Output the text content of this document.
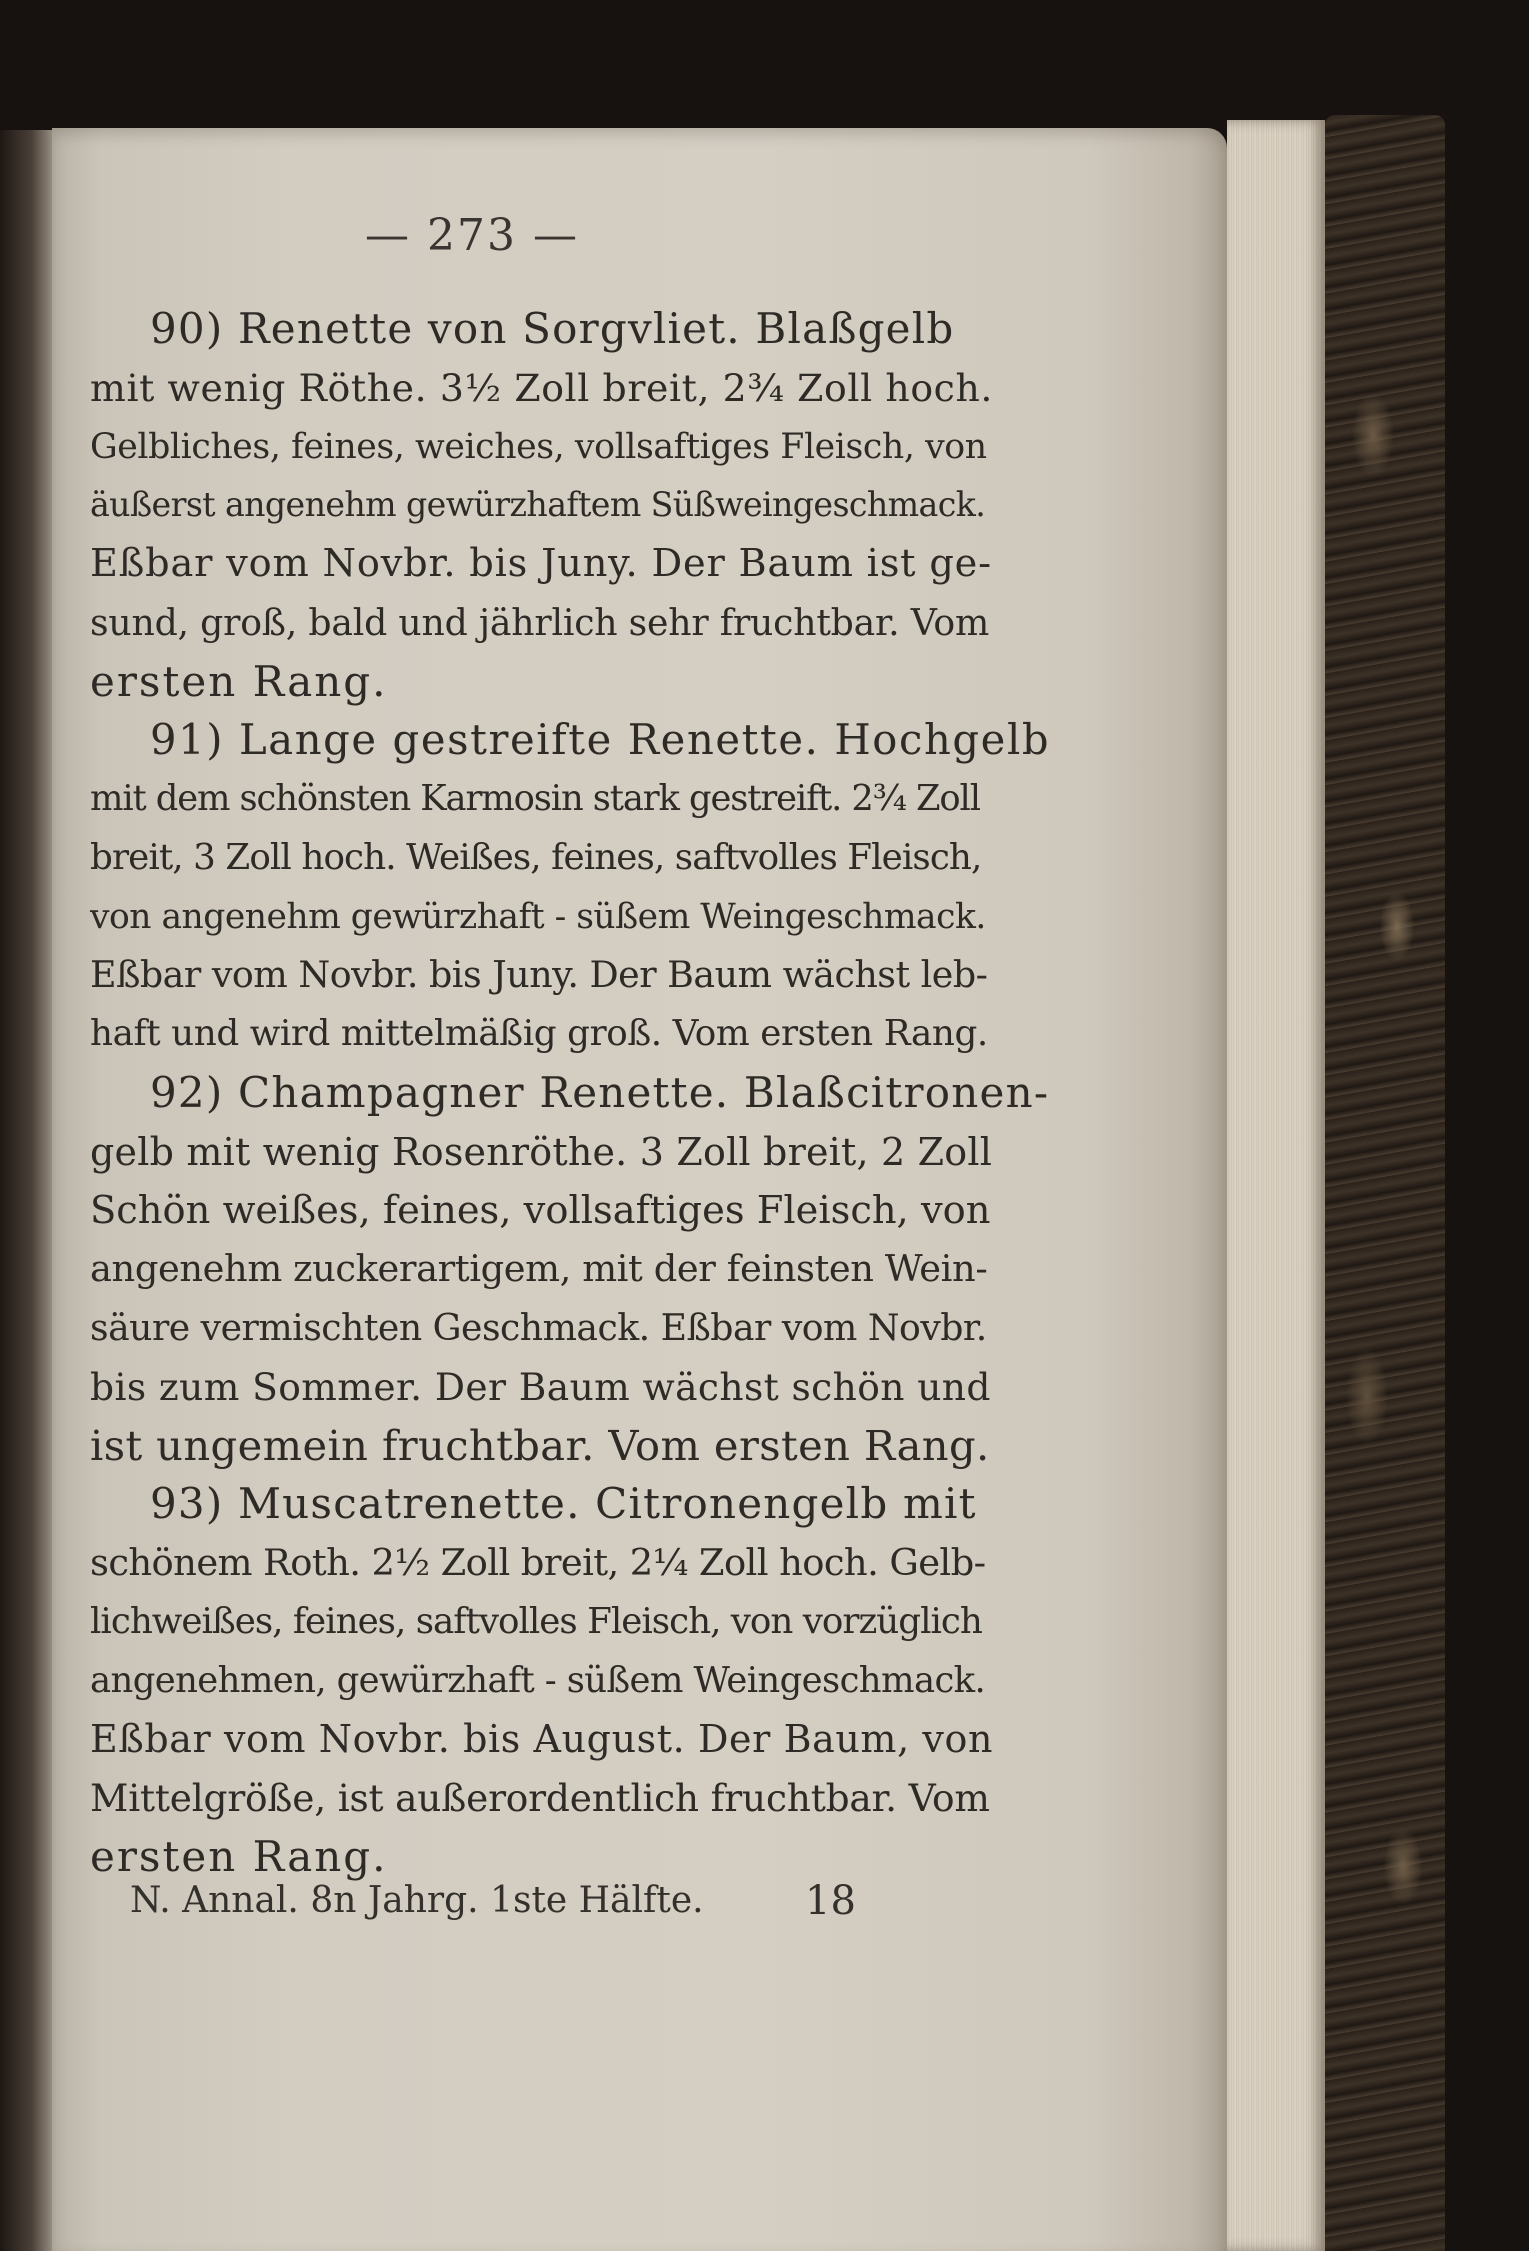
— 273 —
90) Renette von Sorgvliet. Blaßgelb
mit wenig Röthe. 3½ Zoll breit, 2¾ Zoll hoch.
Gelbliches, feines, weiches, vollsaftiges Fleisch, von
äußerst angenehm gewürzhaftem Süßweingeschmack.
Eßbar vom Novbr. bis Juny. Der Baum ist ge-
sund, groß, bald und jährlich sehr fruchtbar. Vom
ersten Rang.
91) Lange gestreifte Renette. Hochgelb
mit dem schönsten Karmosin stark gestreift. 2¾ Zoll
breit, 3 Zoll hoch. Weißes, feines, saftvolles Fleisch,
von angenehm gewürzhaft - süßem Weingeschmack.
Eßbar vom Novbr. bis Juny. Der Baum wächst leb-
haft und wird mittelmäßig groß. Vom ersten Rang.
92) Champagner Renette. Blaßcitronen-
gelb mit wenig Rosenröthe. 3 Zoll breit, 2 Zoll
Schön weißes, feines, vollsaftiges Fleisch, von
angenehm zuckerartigem, mit der feinsten Wein-
säure vermischten Geschmack. Eßbar vom Novbr.
bis zum Sommer. Der Baum wächst schön und
ist ungemein fruchtbar. Vom ersten Rang.
93) Muscatrenette. Citronengelb mit
schönem Roth. 2½ Zoll breit, 2¼ Zoll hoch. Gelb-
lichweißes, feines, saftvolles Fleisch, von vorzüglich
angenehmen, gewürzhaft - süßem Weingeschmack.
Eßbar vom Novbr. bis August. Der Baum, von
Mittelgröße, ist außerordentlich fruchtbar. Vom
ersten Rang.
N. Annal. 8n Jahrg. 1ste Hälfte.	18
